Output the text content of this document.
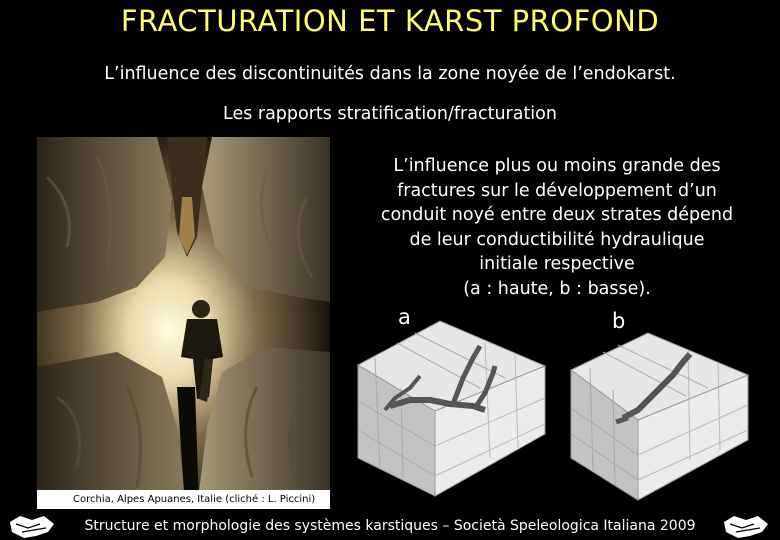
FRACTURATION ET KARST PROFOND
L’influence des discontinuités dans la zone noyée de l’endokarst.
Les rapports stratification/fracturation
Corchia, Alpes Apuanes, Italie (cliché : L. Piccini)
L’influence plus ou moins grande des
fractures sur le développement d’un
conduit noyé entre deux strates dépend
de leur conductibilité hydraulique
initiale respective
(a : haute, b : basse).
a	b
Structure et morphologie des systèmes karstiques – Società Speleologica Italiana 2009
